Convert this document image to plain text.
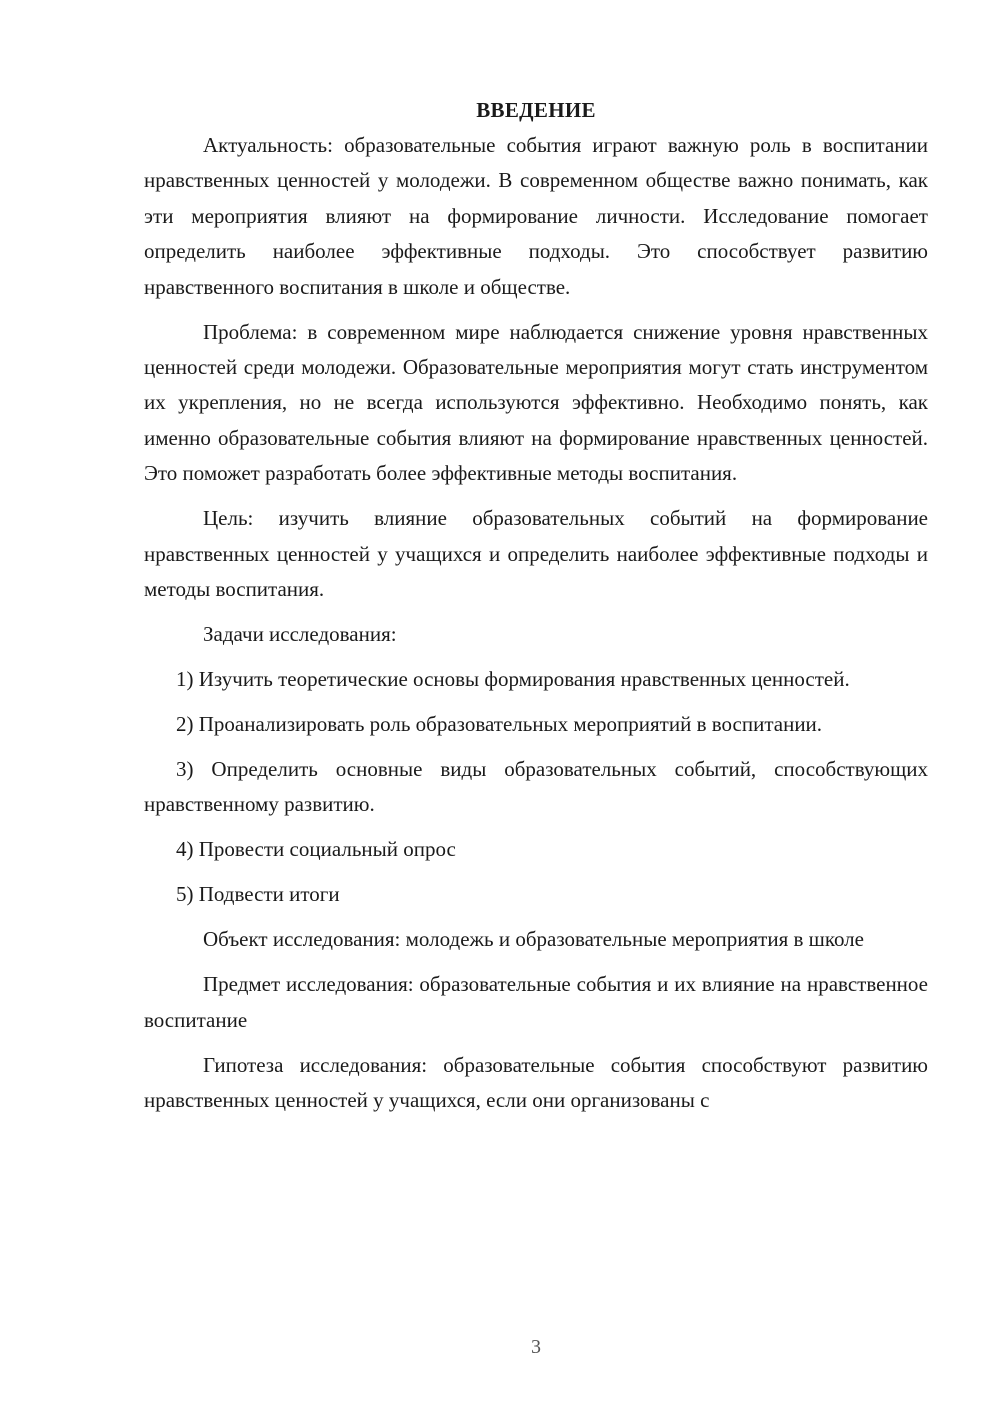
ВВЕДЕНИЕ

Актуальность: образовательные события играют важную роль в воспитании нравственных ценностей у молодежи. В современном обществе важно понимать, как эти мероприятия влияют на формирование личности. Исследование помогает определить наиболее эффективные подходы. Это способствует развитию нравственного воспитания в школе и обществе.

Проблема: в современном мире наблюдается снижение уровня нравственных ценностей среди молодежи. Образовательные мероприятия могут стать инструментом их укрепления, но не всегда используются эффективно. Необходимо понять, как именно образовательные события влияют на формирование нравственных ценностей. Это поможет разработать более эффективные методы воспитания.

Цель: изучить влияние образовательных событий на формирование нравственных ценностей у учащихся и определить наиболее эффективные подходы и методы воспитания.

Задачи исследования:

1) Изучить теоретические основы формирования нравственных ценностей.

2) Проанализировать роль образовательных мероприятий в воспитании.

3) Определить основные виды образовательных событий, способствующих нравственному развитию.

4) Провести социальный опрос

5) Подвести итоги

Объект исследования: молодежь и образовательные мероприятия в школе

Предмет исследования: образовательные события и их влияние на нравственное воспитание

Гипотеза исследования: образовательные события способствуют развитию нравственных ценностей у учащихся, если они организованы с

3
